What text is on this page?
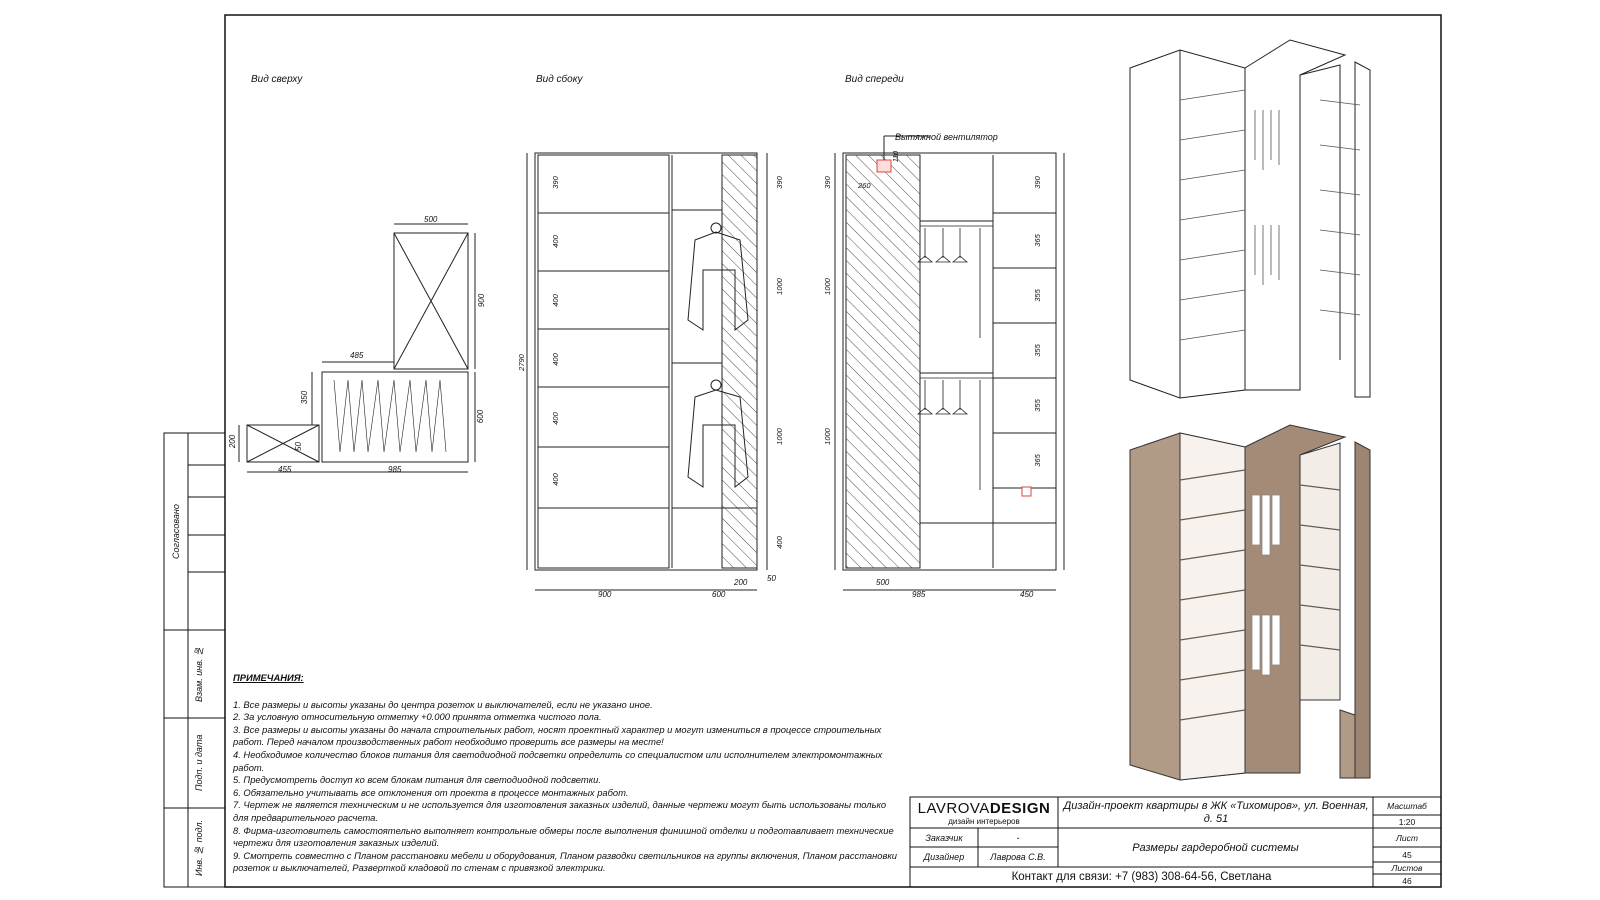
Вид сверху	Вид сбоку	Вид спереди
Вытяжной вентилятор
500
900
485
350
600
200	50
455	985
390
400
400
400
400
400
2790
390
1000
1000
400
900	600
200 50
110
260
390
1000
1000
390
365
355
355
355
365
500
985	450
ПРИМЕЧАНИЯ:
1. Все размеры и высоты указаны до центра розеток и выключателей, если не указано иное.
2. За условную относительную отметку +0.000 принята отметка чистого пола.
3. Все размеры и высоты указаны до начала строительных работ, носят проектный характер и могут измениться в процессе строительных работ. Перед началом производственных работ необходимо проверить все размеры на месте!
4. Необходимое количество блоков питания для светодиодной подсветки определить со специалистом или исполнителем электромонтажных работ.
5. Предусмотреть доступ ко всем блокам питания для светодиодной подсветки.
6. Обязательно учитывать все отклонения от проекта в процессе монтажных работ.
7. Чертеж не является техническим и не используется для изготовления заказных изделий, данные чертежи могут быть использованы только для предварительного расчета.
8. Фирма-изготовитель самостоятельно выполняет контрольные обмеры после выполнения финишной отделки и подготавливает технические чертежи для изготовления заказных изделий.
9. Смотреть совместно с Планом расстановки мебели и оборудования, Планом разводки светильников на группы включения, Планом расстановки розеток и выключателей, Разверткой кладовой по стенам с привязкой электрики.
Согласовано
Взам. инв. №
Подп. и дата
Инв. № подл.
LAVROVA DESIGN
дизайн интерьеров
Дизайн-проект квартиры в ЖК «Тихомиров», ул. Военная, д. 51
Заказчик	-
Дизайнер	Лаврова С.В.
Размеры гардеробной системы
Контакт для связи: +7 (983) 308-64-56, Светлана
Масштаб
1:20
Лист
45
Листов
46
